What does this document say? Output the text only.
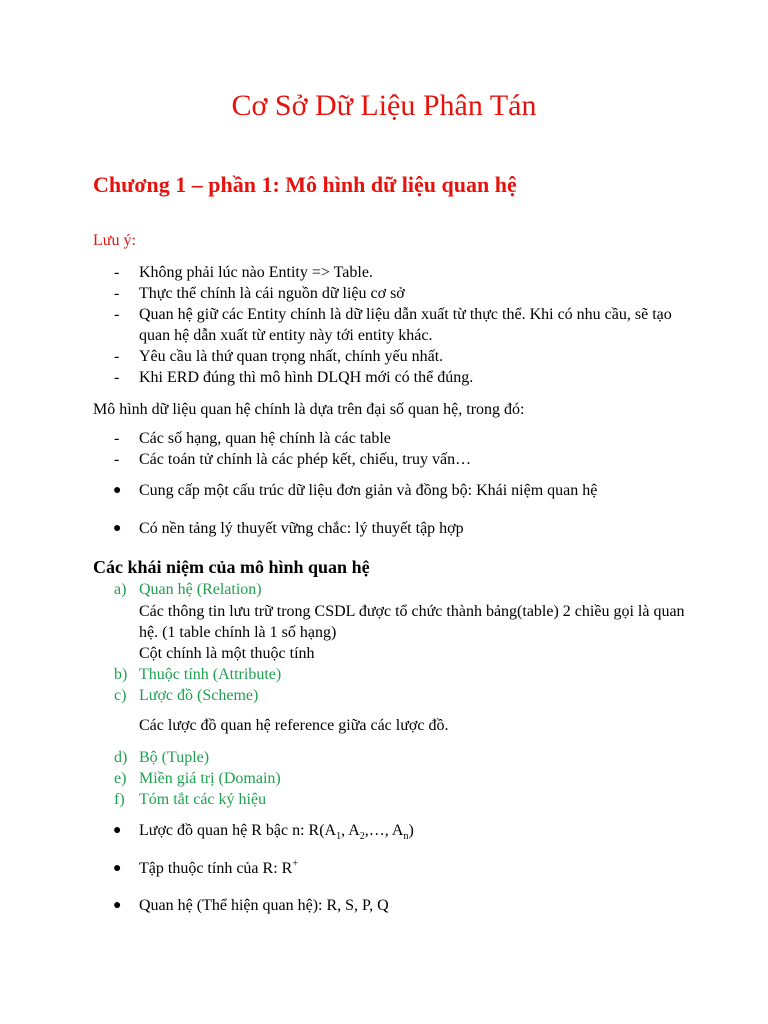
Cơ Sở Dữ Liệu Phân Tán
Chương 1 – phần 1: Mô hình dữ liệu quan hệ
Lưu ý:
- Không phải lúc nào Entity => Table.
- Thực thể chính là cái nguồn dữ liệu cơ sở
- Quan hệ giữ các Entity chính là dữ liệu dẫn xuất từ thực thể. Khi có nhu cầu, sẽ tạo quan hệ dẫn xuất từ entity này tới entity khác.
- Yêu cầu là thứ quan trọng nhất, chính yếu nhất.
- Khi ERD đúng thì mô hình DLQH mới có thể đúng.
Mô hình dữ liệu quan hệ chính là dựa trên đại số quan hệ, trong đó:
- Các số hạng, quan hệ chính là các table
- Các toán tử chính là các phép kết, chiếu, truy vấn…
● Cung cấp một cấu trúc dữ liệu đơn giản và đồng bộ: Khái niệm quan hệ
● Có nền tảng lý thuyết vững chắc: lý thuyết tập hợp
Các khái niệm của mô hình quan hệ
a) Quan hệ (Relation)
Các thông tin lưu trữ trong CSDL được tổ chức thành bảng(table) 2 chiều gọi là quan hệ. (1 table chính là 1 số hạng)
Cột chính là một thuộc tính
b) Thuộc tính (Attribute)
c) Lược đồ (Scheme)
Các lược đồ quan hệ reference giữa các lược đồ.
d) Bộ (Tuple)
e) Miền giá trị (Domain)
f) Tóm tắt các ký hiệu
● Lược đồ quan hệ R bậc n: $R(A_1$, $A_2,\dots$, $A_n$)
● Tập thuộc tính của R: R+
● Quan hệ (Thể hiện quan hệ): R, S, P, Q
